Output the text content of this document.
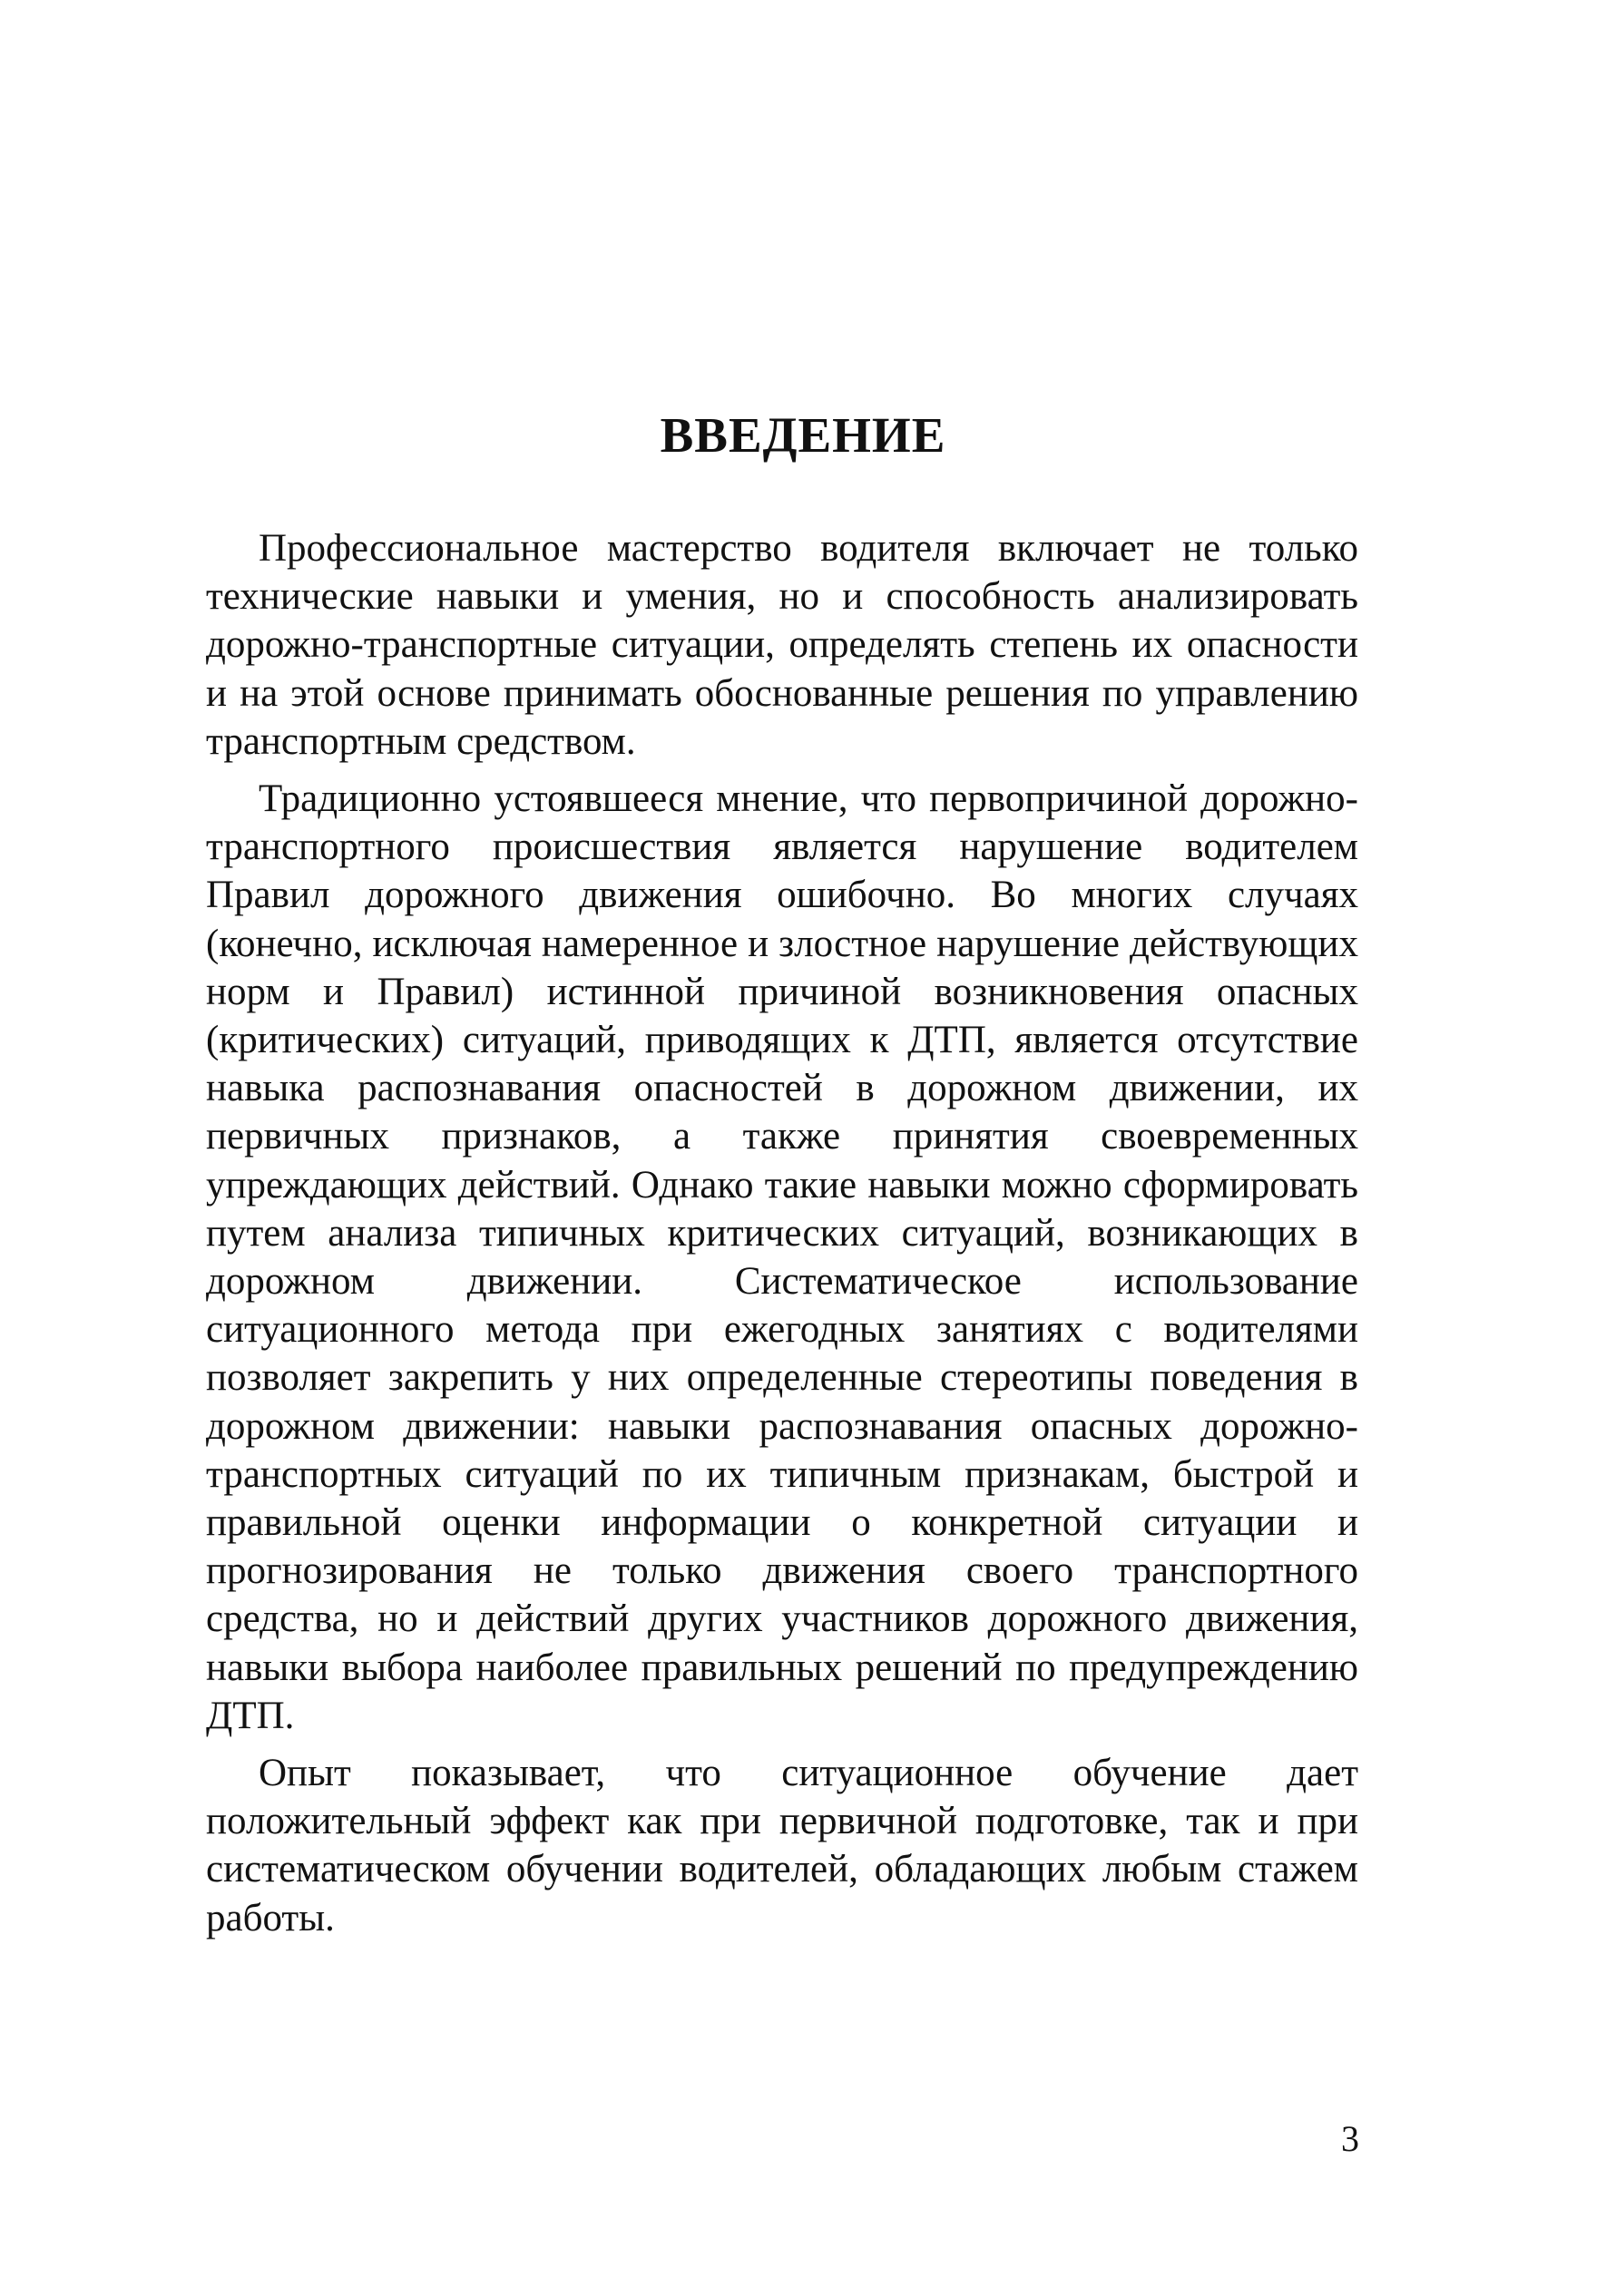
ВВЕДЕНИЕ

Профессиональное мастерство водителя включает не только технические навыки и умения, но и способность анализировать дорожно-транспортные ситуации, определять степень их опасности и на этой основе принимать обоснованные решения по управлению транспортным средством.

Традиционно устоявшееся мнение, что первопричиной дорожно-транспортного происшествия является нарушение водителем Правил дорожного движения ошибочно. Во многих случаях (конечно, исключая намеренное и злостное нарушение действующих норм и Правил) истинной причиной возникновения опасных (критических) ситуаций, приводящих к ДТП, является отсутствие навыка распознавания опасностей в дорожном движении, их первичных признаков, а также принятия своевременных упреждающих действий. Однако такие навыки можно сформировать путем анализа типичных критических ситуаций, возникающих в дорожном движении. Систематическое использование ситуационного метода при ежегодных занятиях с водителями позволяет закрепить у них определенные стереотипы поведения в дорожном движении: навыки распознавания опасных дорожно-транспортных ситуаций по их типичным признакам, быстрой и правильной оценки информации о конкретной ситуации и прогнозирования не только движения своего транспортного средства, но и действий других участников дорожного движения, навыки выбора наиболее правильных решений по предупреждению ДТП.

Опыт показывает, что ситуационное обучение дает положительный эффект как при первичной подготовке, так и при систематическом обучении водителей, обладающих любым стажем работы.

3
